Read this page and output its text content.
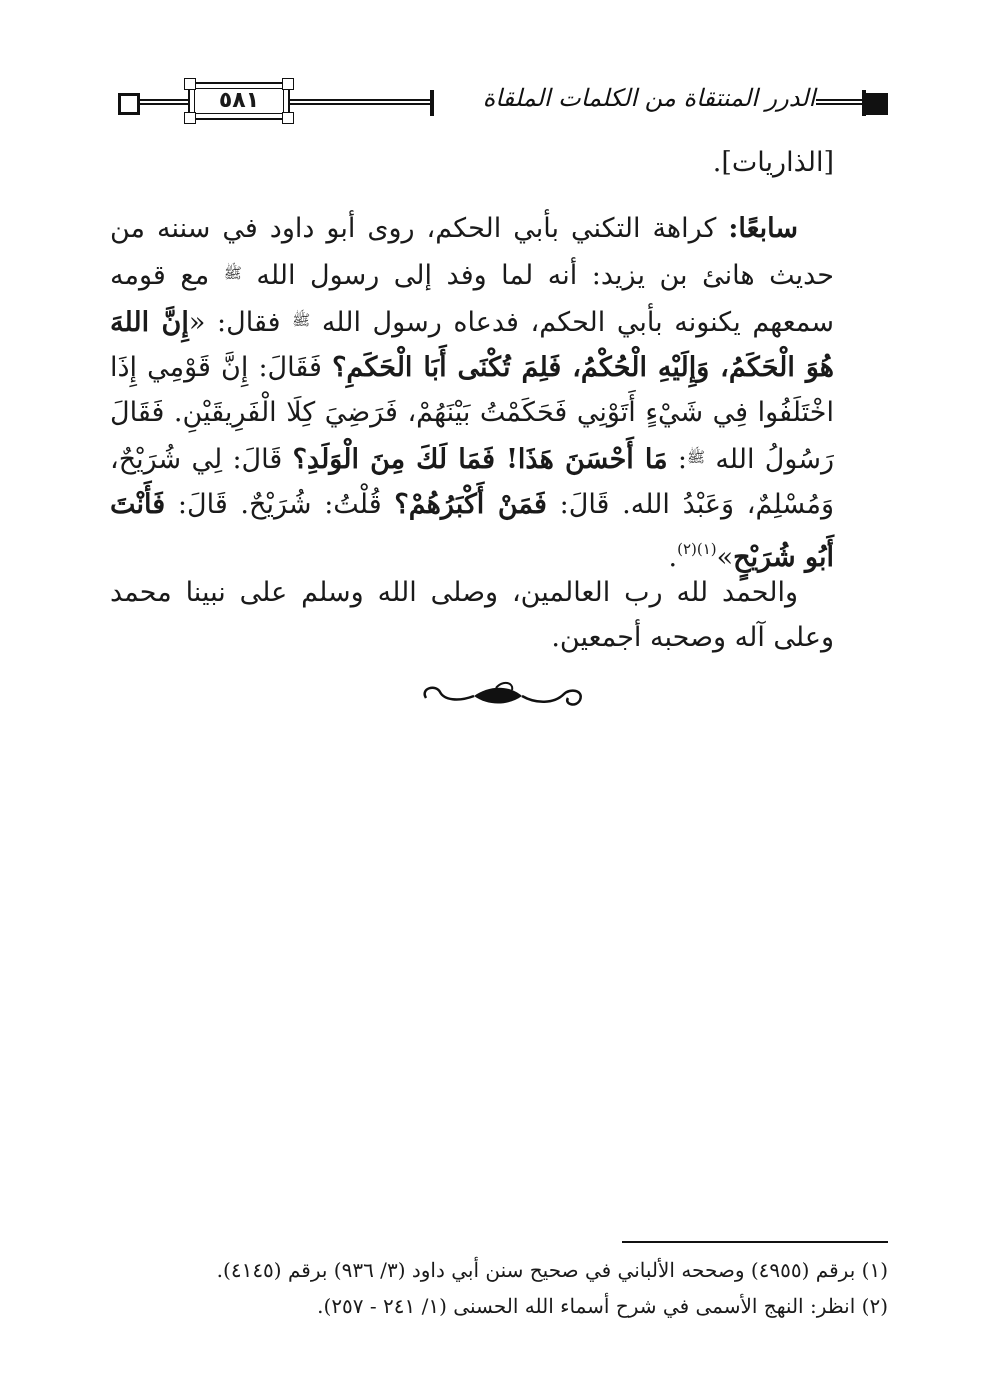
٥٨١	الدرر المنتقاة من الكلمات الملقاة

[الذاريات].

سابعًا: كراهة التكني بأبي الحكم، روى أبو داود في سننه من حديث هانئ بن يزيد: أنه لما وفد إلى رسول الله $^ﷺ$ مع قومه سمعهم يكنونه بأبي الحكم، فدعاه رسول الله $^ﷺ$ فقال: «إِنَّ اللهَ هُوَ الْحَكَمُ، وَإِلَيْهِ الْحُكْمُ، فَلِمَ تُكْنَى أَبَا الْحَكَمِ؟ فَقَالَ: إِنَّ قَوْمِي إِذَا اخْتَلَفُوا فِي شَيْءٍ أَتَوْنِي فَحَكَمْتُ بَيْنَهُمْ، فَرَضِيَ كِلَا الْفَرِيقَيْنِ. فَقَالَ رَسُولُ الله $^ﷺ$: مَا أَحْسَنَ هَذَا! فَمَا لَكَ مِنَ الْوَلَدِ؟ قَالَ: لِي شُرَيْحٌ، وَمُسْلِمٌ، وَعَبْدُ الله. قَالَ: فَمَنْ أَكْبَرُهُمْ؟ قُلْتُ: شُرَيْحٌ. قَالَ: فَأَنْتَ أَبُو شُرَيْحٍ»$^{(١)(٢)}$.

والحمد لله رب العالمين، وصلى الله وسلم على نبينا محمد وعلى آله وصحبه أجمعين.

(١) برقم (٤٩٥٥) وصححه الألباني في صحيح سنن أبي داود (٣/ ٩٣٦) برقم (٤١٤٥).

(٢) انظر: النهج الأسمى في شرح أسماء الله الحسنى (١/ ٢٤١ - ٢٥٧).
